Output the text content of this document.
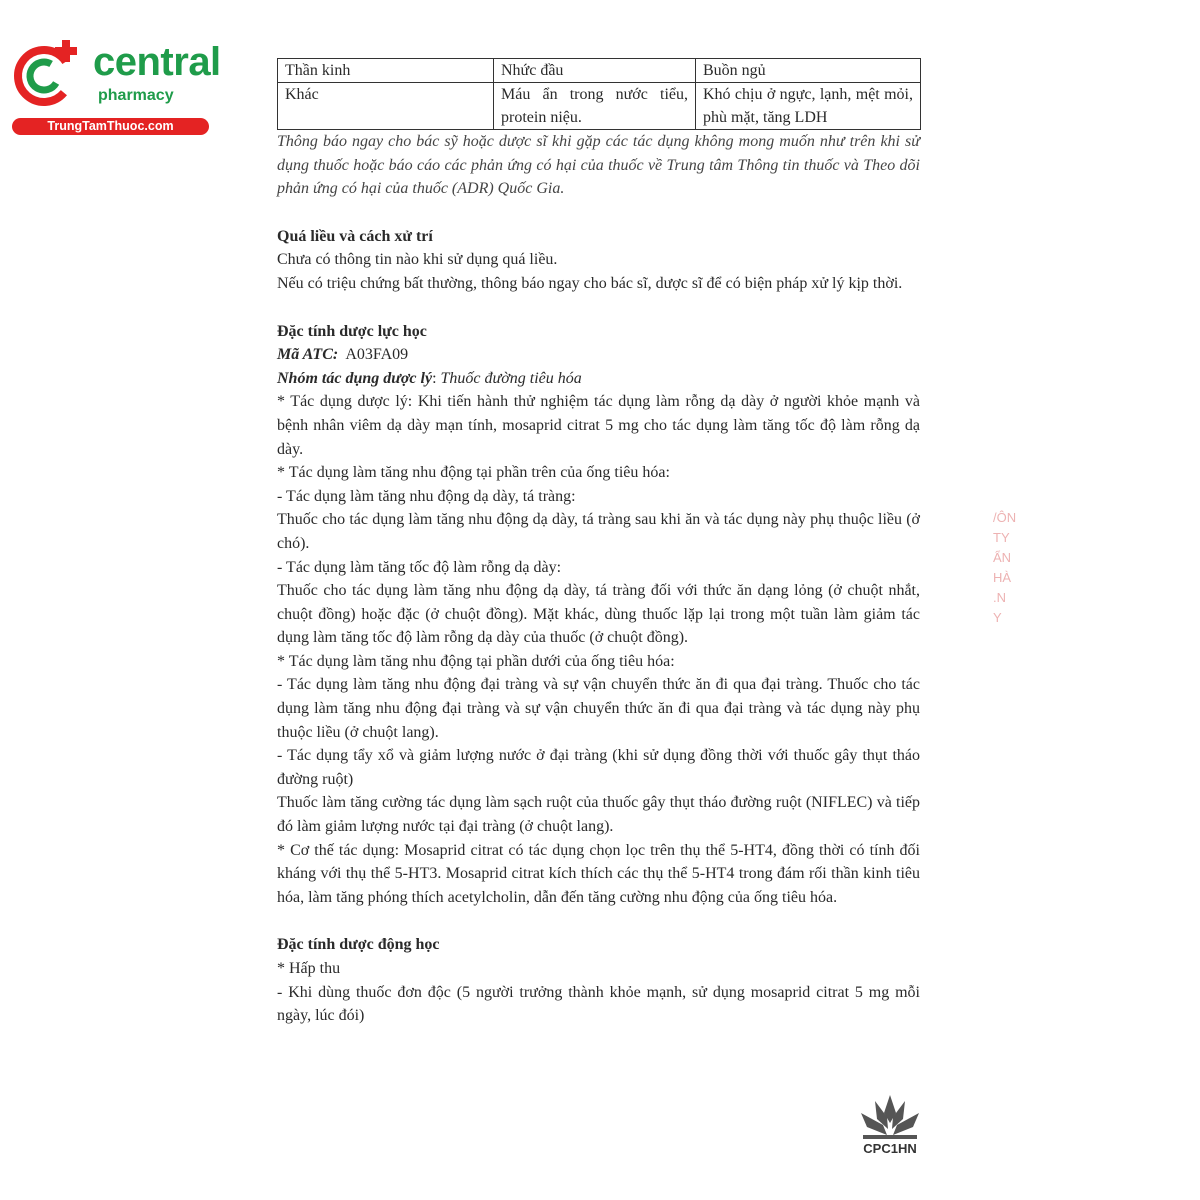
central
pharmacy
TrungTamThuoc.com
Thần kinh	Nhức đầu	Buồn ngủ
Khác	Máu ẩn trong nước tiểu, protein niệu.	Khó chịu ở ngực, lạnh, mệt mỏi, phù mặt, tăng LDH

Thông báo ngay cho bác sỹ hoặc dược sĩ khi gặp các tác dụng không mong muốn như trên khi sử dụng thuốc hoặc báo cáo các phản ứng có hại của thuốc về Trung tâm Thông tin thuốc và Theo dõi phản ứng có hại của thuốc (ADR) Quốc Gia.

Quá liều và cách xử trí

Chưa có thông tin nào khi sử dụng quá liều.

Nếu có triệu chứng bất thường, thông báo ngay cho bác sĩ, dược sĩ để có biện pháp xử lý kịp thời.

Đặc tính dược lực học

Mã ATC: A03FA09

Nhóm tác dụng dược lý: Thuốc đường tiêu hóa

* Tác dụng dược lý: Khi tiến hành thử nghiệm tác dụng làm rỗng dạ dày ở người khỏe mạnh và bệnh nhân viêm dạ dày mạn tính, mosaprid citrat 5 mg cho tác dụng làm tăng tốc độ làm rỗng dạ dày.

* Tác dụng làm tăng nhu động tại phần trên của ống tiêu hóa:

- Tác dụng làm tăng nhu động dạ dày, tá tràng:

Thuốc cho tác dụng làm tăng nhu động dạ dày, tá tràng sau khi ăn và tác dụng này phụ thuộc liều (ở chó).

- Tác dụng làm tăng tốc độ làm rỗng dạ dày:

Thuốc cho tác dụng làm tăng nhu động dạ dày, tá tràng đối với thức ăn dạng lỏng (ở chuột nhắt, chuột đồng) hoặc đặc (ở chuột đồng). Mặt khác, dùng thuốc lặp lại trong một tuần làm giảm tác dụng làm tăng tốc độ làm rỗng dạ dày của thuốc (ở chuột đồng).

* Tác dụng làm tăng nhu động tại phần dưới của ống tiêu hóa:

- Tác dụng làm tăng nhu động đại tràng và sự vận chuyển thức ăn đi qua đại tràng. Thuốc cho tác dụng làm tăng nhu động đại tràng và sự vận chuyển thức ăn đi qua đại tràng và tác dụng này phụ thuộc liều (ở chuột lang).

- Tác dụng tẩy xổ và giảm lượng nước ở đại tràng (khi sử dụng đồng thời với thuốc gây thụt tháo đường ruột)

Thuốc làm tăng cường tác dụng làm sạch ruột của thuốc gây thụt tháo đường ruột (NIFLEC) và tiếp đó làm giảm lượng nước tại đại tràng (ở chuột lang).

* Cơ thế tác dụng: Mosaprid citrat có tác dụng chọn lọc trên thụ thể 5-HT4, đồng thời có tính đối kháng với thụ thể 5-HT3. Mosaprid citrat kích thích các thụ thể 5-HT4 trong đám rối thần kinh tiêu hóa, làm tăng phóng thích acetylcholin, dẫn đến tăng cường nhu động của ống tiêu hóa.

Đặc tính dược động học

* Hấp thu

- Khi dùng thuốc đơn độc (5 người trưởng thành khỏe mạnh, sử dụng mosaprid citrat 5 mg mỗi ngày, lúc đói)

/ÔN
TY
ẨN
HÀ
.N
Y
CPC1HN
